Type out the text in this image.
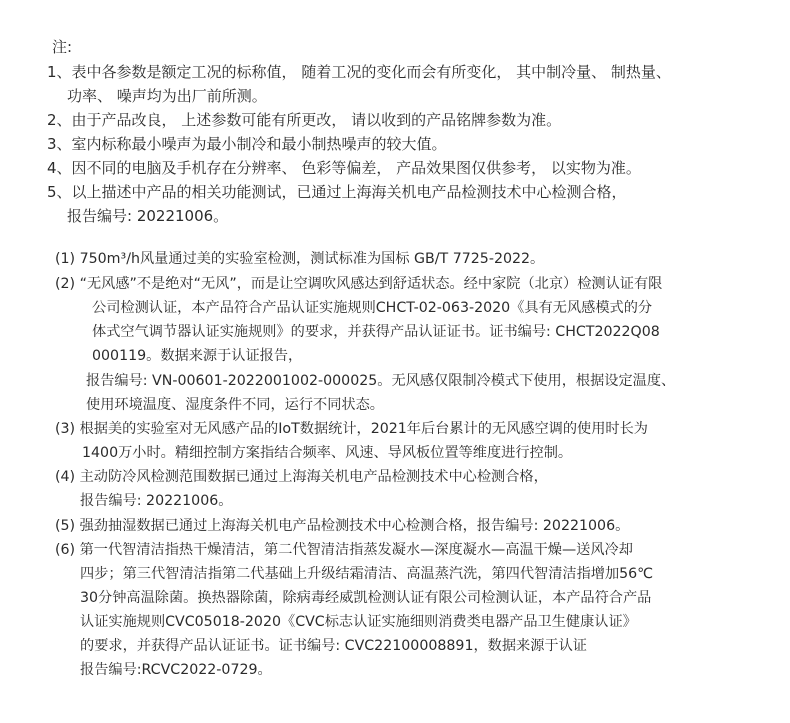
注:
1、表中各参数是额定工况的标称值， 随着工况的变化而会有所变化， 其中制冷量、 制热量、
功率、 噪声均为出厂前所测。
2、由于产品改良， 上述参数可能有所更改， 请以收到的产品铭牌参数为准。
3、室内标称最小噪声为最小制冷和最小制热噪声的较大值。
4、因不同的电脑及手机存在分辨率、 色彩等偏差， 产品效果图仅供参考， 以实物为准。
5、以上描述中产品的相关功能测试，已通过上海海关机电产品检测技术中心检测合格，
报告编号: 20221006。
(1) 750m³/h风量通过美的实验室检测，测试标准为国标 GB/T 7725-2022。
(2) “无风感”不是绝对“无风”，而是让空调吹风感达到舒适状态。经中家院（北京）检测认证有限
公司检测认证，本产品符合产品认证实施规则CHCT-02-063-2020《具有无风感模式的分
体式空气调节器认证实施规则》的要求，并获得产品认证证书。证书编号: CHCT2022Q08
000119。数据来源于认证报告，
报告编号: VN-00601-2022001002-000025。无风感仅限制冷模式下使用，根据设定温度、
使用环境温度、湿度条件不同，运行不同状态。
(3) 根据美的实验室对无风感产品的IoT数据统计，2021年后台累计的无风感空调的使用时长为
1400万小时。精细控制方案指结合频率、风速、导风板位置等维度进行控制。
(4) 主动防冷风检测范围数据已通过上海海关机电产品检测技术中心检测合格，
报告编号: 20221006。
(5) 强劲抽湿数据已通过上海海关机电产品检测技术中心检测合格，报告编号: 20221006。
(6) 第一代智清洁指热干燥清洁，第二代智清洁指蒸发凝水—深度凝水—高温干燥—送风冷却
四步；第三代智清洁指第二代基础上升级结霜清洁、高温蒸汽洗，第四代智清洁指增加56℃
30分钟高温除菌。换热器除菌，除病毒经威凯检测认证有限公司检测认证，本产品符合产品
认证实施规则CVC05018-2020《CVC标志认证实施细则消费类电器产品卫生健康认证》
的要求，并获得产品认证证书。证书编号: CVC22100008891，数据来源于认证
报告编号:RCVC2022-0729。
